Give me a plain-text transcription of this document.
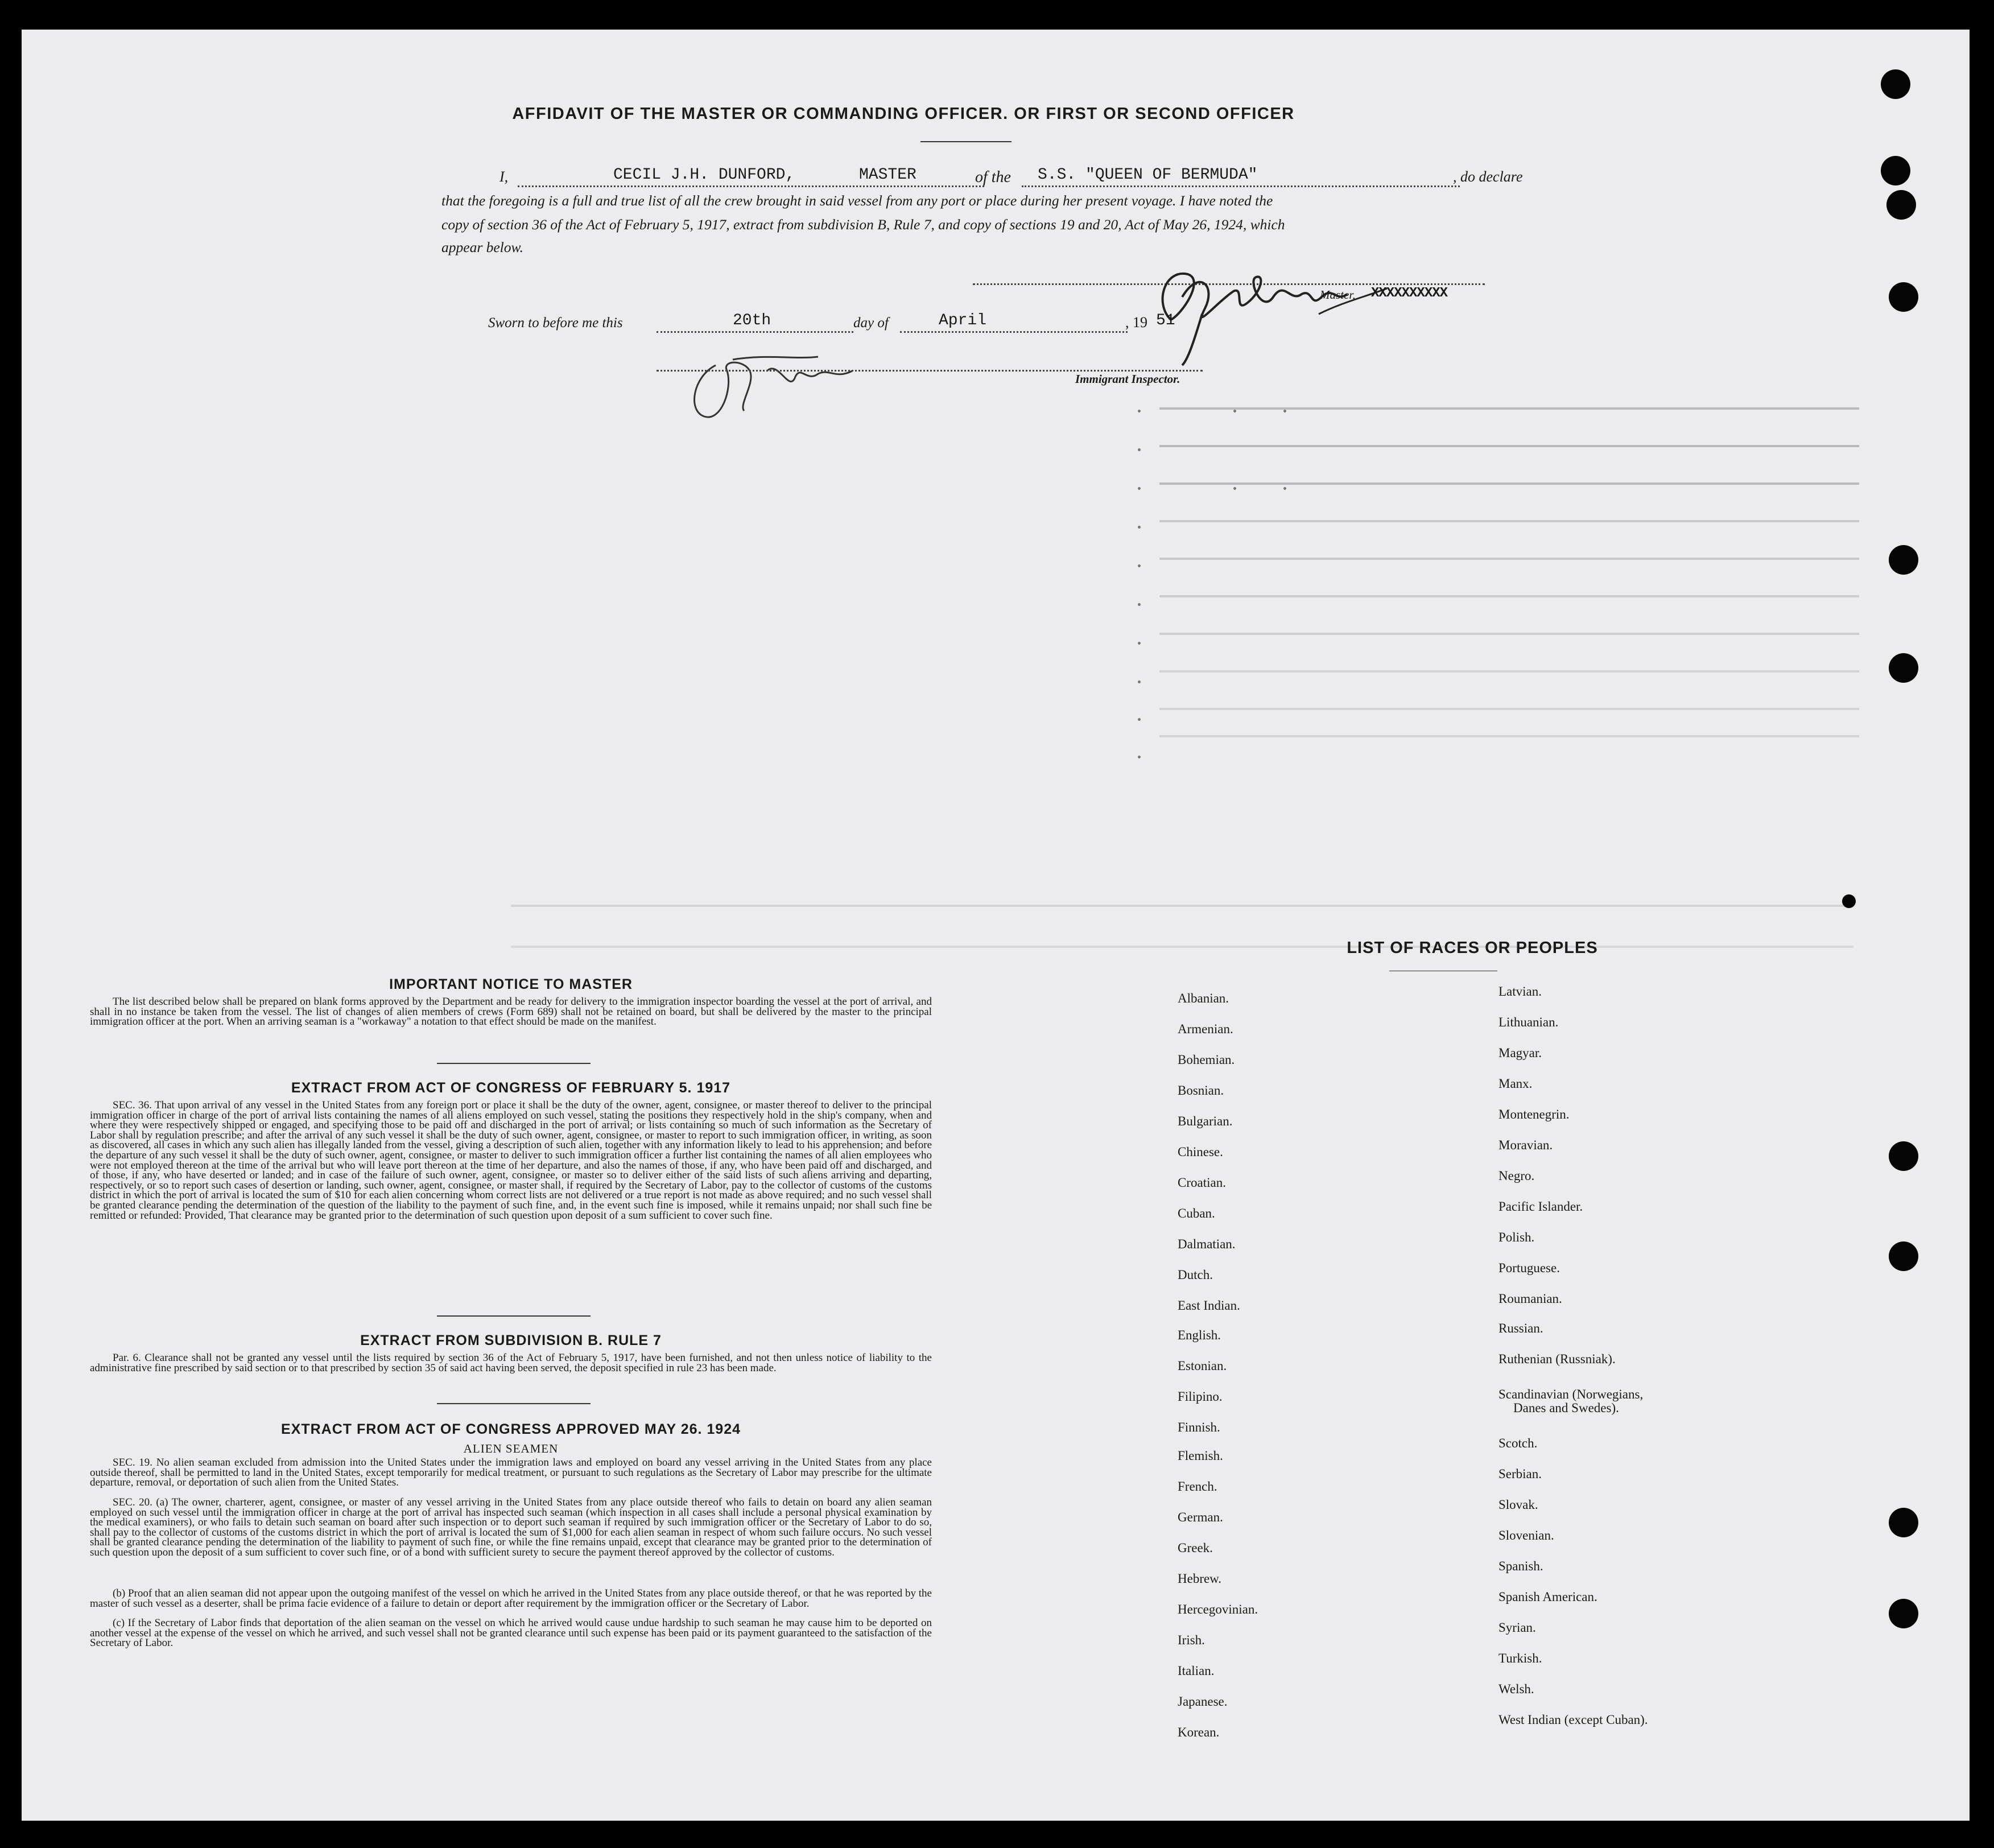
AFFIDAVIT OF THE MASTER OR COMMANDING OFFICER. OR FIRST OR SECOND OFFICER
I,	CECIL J.H. DUNFORD,	MASTER	of the S.S. "QUEEN OF BERMUDA"	, do declare
that the foregoing is a full and true list of all the crew brought in said vessel from any port or place during her present voyage. I have noted the
copy of section 36 of the Act of February 5, 1917, extract from subdivision B, Rule 7, and copy of sections 19 and 20, Act of May 26, 1924, which
appear below.
Master, XXXXXXXXXX
Sworn to before me this	20th	day of	April	, 19 51
Immigrant Inspector.
IMPORTANT NOTICE TO MASTER
The list described below shall be prepared on blank forms approved by the Department and be ready for delivery to the immigration inspector boarding the vessel at the port of arrival, and shall in no instance be taken from the vessel. The list of changes of alien members of crews (Form 689) shall not be retained on board, but shall be delivered by the master to the principal immigration officer at the port. When an arriving seaman is a "workaway" a notation to that effect should be made on the manifest.
EXTRACT FROM ACT OF CONGRESS OF FEBRUARY 5. 1917
SEC. 36. That upon arrival of any vessel in the United States from any foreign port or place it shall be the duty of the owner, agent, consignee, or master thereof to deliver to the principal immigration officer in charge of the port of arrival lists containing the names of all aliens employed on such vessel, stating the positions they respectively hold in the ship's company, when and where they were respectively shipped or engaged, and specifying those to be paid off and discharged in the port of arrival; or lists containing so much of such information as the Secretary of Labor shall by regulation prescribe; and after the arrival of any such vessel it shall be the duty of such owner, agent, consignee, or master to report to such immigration officer, in writing, as soon as discovered, all cases in which any such alien has illegally landed from the vessel, giving a description of such alien, together with any information likely to lead to his apprehension; and before the departure of any such vessel it shall be the duty of such owner, agent, consignee, or master to deliver to such immigration officer a further list containing the names of all alien employees who were not employed thereon at the time of the arrival but who will leave port thereon at the time of her departure, and also the names of those, if any, who have been paid off and discharged, and of those, if any, who have deserted or landed; and in case of the failure of such owner, agent, consignee, or master so to deliver either of the said lists of such aliens arriving and departing, respectively, or so to report such cases of desertion or landing, such owner, agent, consignee, or master shall, if required by the Secretary of Labor, pay to the collector of customs of the customs district in which the port of arrival is located the sum of $10 for each alien concerning whom correct lists are not delivered or a true report is not made as above required; and no such vessel shall be granted clearance pending the determination of the question of the liability to the payment of such fine, and, in the event such fine is imposed, while it remains unpaid; nor shall such fine be remitted or refunded: Provided, That clearance may be granted prior to the determination of such question upon deposit of a sum sufficient to cover such fine.
EXTRACT FROM SUBDIVISION B. RULE 7
Par. 6. Clearance shall not be granted any vessel until the lists required by section 36 of the Act of February 5, 1917, have been furnished, and not then unless notice of liability to the administrative fine prescribed by said section or to that prescribed by section 35 of said act having been served, the deposit specified in rule 23 has been made.
EXTRACT FROM ACT OF CONGRESS APPROVED MAY 26. 1924
ALIEN SEAMEN
SEC. 19. No alien seaman excluded from admission into the United States under the immigration laws and employed on board any vessel arriving in the United States from any place outside thereof, shall be permitted to land in the United States, except temporarily for medical treatment, or pursuant to such regulations as the Secretary of Labor may prescribe for the ultimate departure, removal, or deportation of such alien from the United States.
SEC. 20. (a) The owner, charterer, agent, consignee, or master of any vessel arriving in the United States from any place outside thereof who fails to detain on board any alien seaman employed on such vessel until the immigration officer in charge at the port of arrival has inspected such seaman (which inspection in all cases shall include a personal physical examination by the medical examiners), or who fails to detain such seaman on board after such inspection or to deport such seaman if required by such immigration officer or the Secretary of Labor to do so, shall pay to the collector of customs of the customs district in which the port of arrival is located the sum of $1,000 for each alien seaman in respect of whom such failure occurs. No such vessel shall be granted clearance pending the determination of the liability to payment of such fine, or while the fine remains unpaid, except that clearance may be granted prior to the determination of such question upon the deposit of a sum sufficient to cover such fine, or of a bond with sufficient surety to secure the payment thereof approved by the collector of customs.
(b) Proof that an alien seaman did not appear upon the outgoing manifest of the vessel on which he arrived in the United States from any place outside thereof, or that he was reported by the master of such vessel as a deserter, shall be prima facie evidence of a failure to detain or deport after requirement by the immigration officer or the Secretary of Labor.
(c) If the Secretary of Labor finds that deportation of the alien seaman on the vessel on which he arrived would cause undue hardship to such seaman he may cause him to be deported on another vessel at the expense of the vessel on which he arrived, and such vessel shall not be granted clearance until such expense has been paid or its payment guaranteed to the satisfaction of the Secretary of Labor.
LIST OF RACES OR PEOPLES
Albanian.
Armenian.
Bohemian.
Bosnian.
Bulgarian.
Chinese.
Croatian.
Cuban.
Dalmatian.
Dutch.
East Indian.
English.
Estonian.
Filipino.
Finnish.
Flemish.
French.
German.
Greek.
Hebrew.
Hercegovinian.
Irish.
Italian.
Japanese.
Korean.
Latvian.
Lithuanian.
Magyar.
Manx.
Montenegrin.
Moravian.
Negro.
Pacific Islander.
Polish.
Portuguese.
Roumanian.
Russian.
Ruthenian (Russniak).
Scandinavian (Norwegians,
Danes and Swedes).
Scotch.
Serbian.
Slovak.
Slovenian.
Spanish.
Spanish American.
Syrian.
Turkish.
Welsh.
West Indian (except Cuban).
